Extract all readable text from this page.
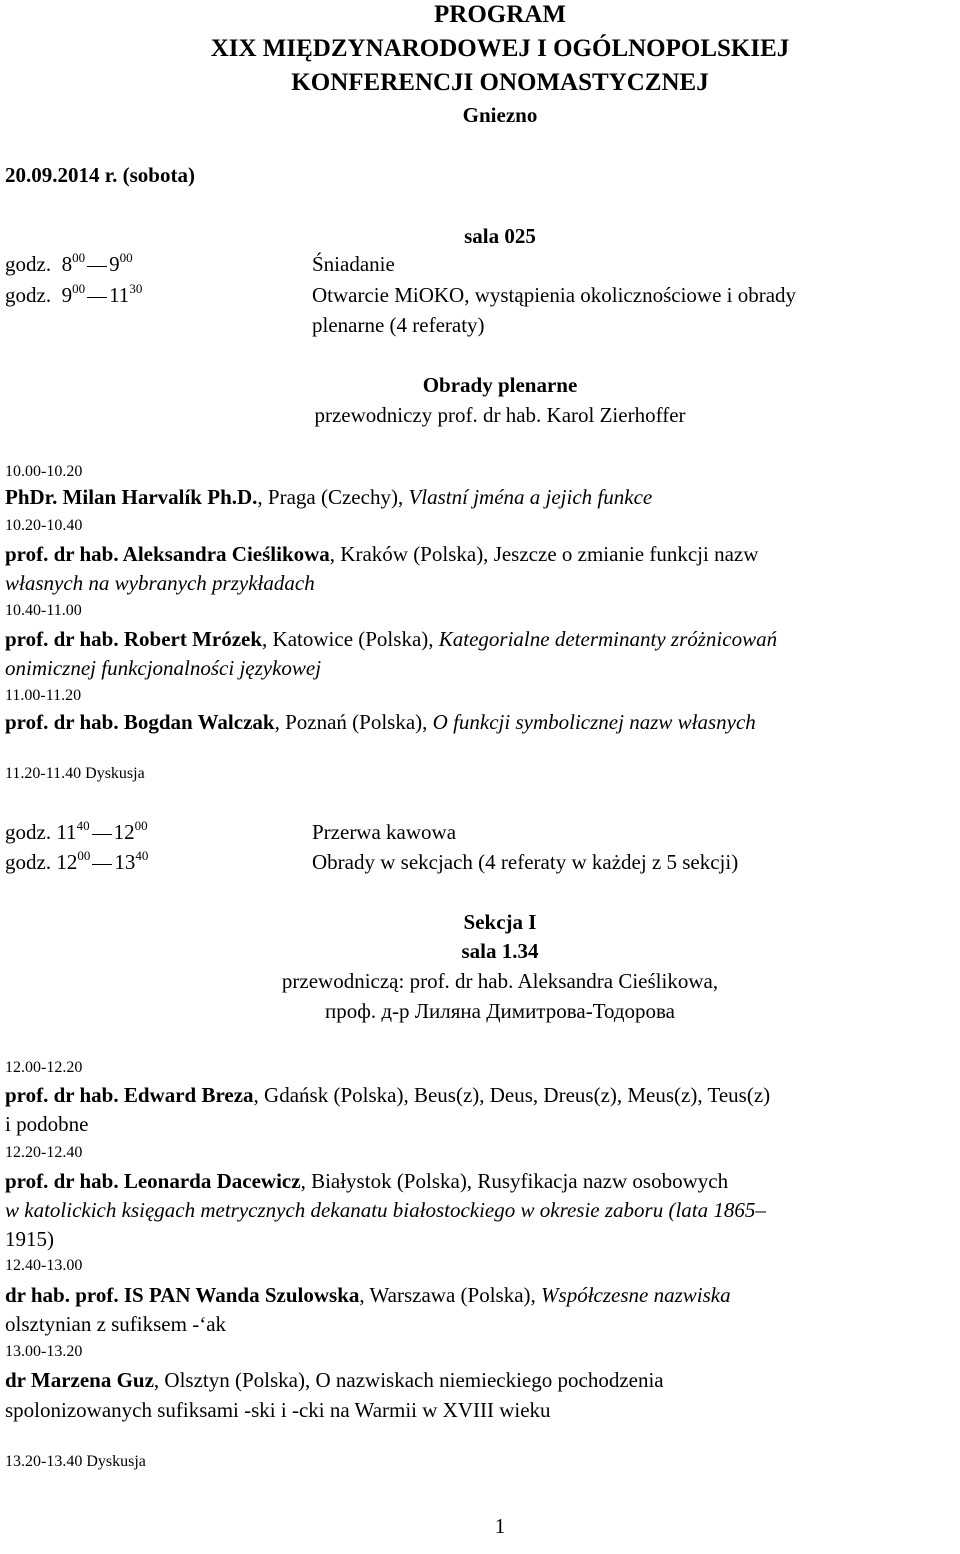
PROGRAM
XIX MIĘDZYNARODOWEJ I OGÓLNOPOLSKIEJ
KONFERENCJI ONOMASTYCZNEJ
Gniezno
20.09.2014 r. (sobota)
sala 025
godz. $8^{00}$ $9^{00}$	Śniadanie
godz. $9^{00}$ $11^{30}$	Otwarcie MiOKO, wystąpienia okolicznościowe i obrady
plenarne (4 referaty)
Obrady plenarne
przewodniczy prof. dr hab. Karol Zierhoffer
10.00-10.20
PhDr. Milan Harvalík Ph.D., Praga (Czechy), Vlastní jména a jejich funkce
10.20-10.40
prof. dr hab. Aleksandra Cieślikowa, Kraków (Polska), Jeszcze o zmianie funkcji nazw
własnych na wybranych przykładach
10.40-11.00
prof. dr hab. Robert Mrózek, Katowice (Polska), Kategorialne determinanty zróżnicowań
onimicznej funkcjonalności językowej
11.00-11.20
prof. dr hab. Bogdan Walczak, Poznań (Polska), O funkcji symbolicznej nazw własnych
11.20-11.40 Dyskusja
godz. $11^{40}$ $12^{00}$	Przerwa kawowa
godz. $12^{00}$ $13^{40}$	Obrady w sekcjach (4 referaty w każdej z 5 sekcji)
Sekcja I
sala 1.34
przewodniczą: prof. dr hab. Aleksandra Cieślikowa,
проф. д-р Лиляна Димитрова-Тодорова
12.00-12.20
prof. dr hab. Edward Breza, Gdańsk (Polska), Beus(z), Deus, Dreus(z), Meus(z), Teus(z)
i podobne
12.20-12.40
prof. dr hab. Leonarda Dacewicz, Białystok (Polska), Rusyfikacja nazw osobowych
w katolickich księgach metrycznych dekanatu białostockiego w okresie zaboru (lata 1865–
1915)
12.40-13.00
dr hab. prof. IS PAN Wanda Szulowska, Warszawa (Polska), Współczesne nazwiska
olsztynian z sufiksem -‘ak
13.00-13.20
dr Marzena Guz, Olsztyn (Polska), O nazwiskach niemieckiego pochodzenia
spolonizowanych sufiksami -ski i -cki na Warmii w XVIII wieku
13.20-13.40 Dyskusja
1
